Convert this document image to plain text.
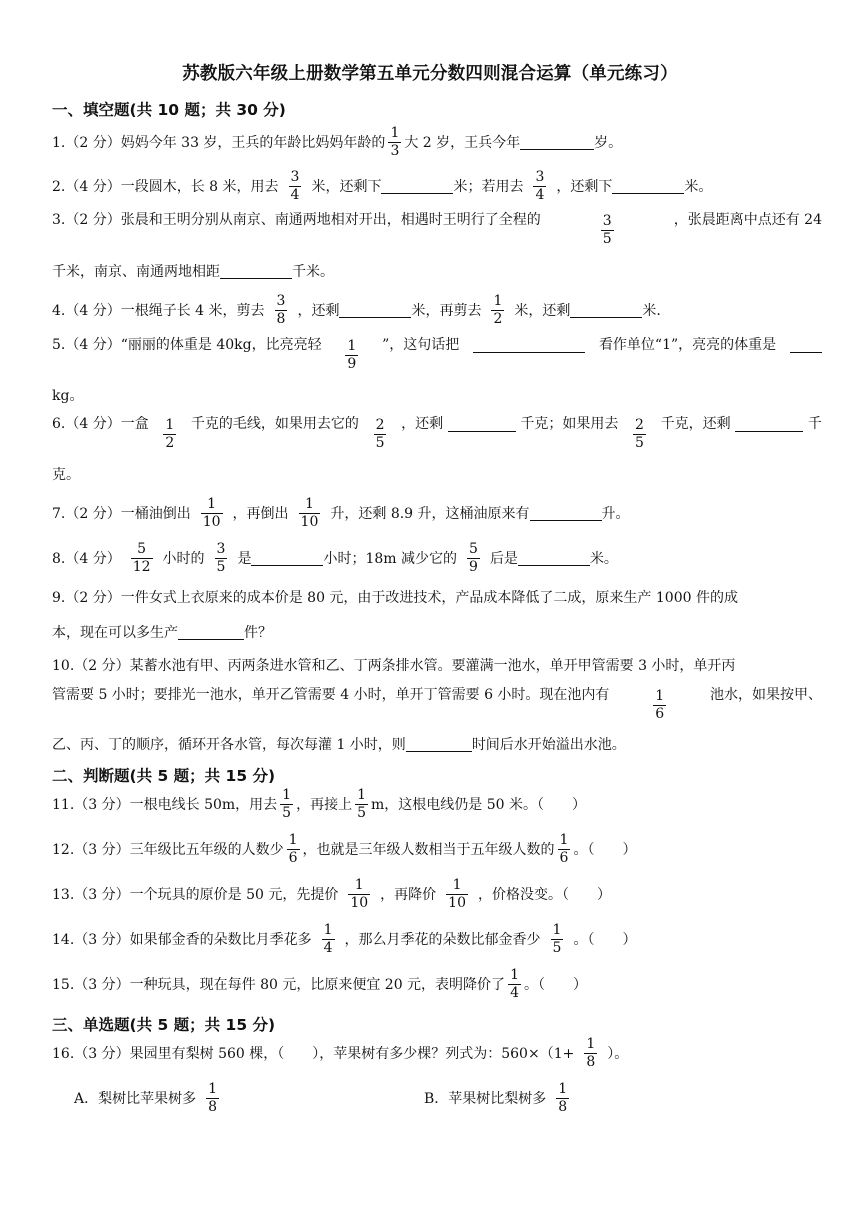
苏教版六年级上册数学第五单元分数四则混合运算（单元练习）
一、填空题(共 10 题；共 30 分)
1.（2 分）妈妈今年 33 岁，王兵的年龄比妈妈年龄的 $\frac{1}{3}$ 大 2 岁，王兵今年	岁。
2.（4 分）一段圆木，长 8 米，用去 $\frac{3}{4}$ 米，还剩下	米；若用去 $\frac{3}{4}$ ，还剩下	米。
3.（2 分）张晨和王明分别从南京、南通两地相对开出，相遇时王明行了全程的	$\frac{3}{5}$	，张晨距离中点还有 24
千米，南京、南通两地相距	千米。
4.（4 分）一根绳子长 4 米，剪去 $\frac{3}{8}$ ，还剩	米，再剪去 $\frac{1}{2}$ 米，还剩	米.
5.（4 分）“丽丽的体重是 40kg，比亮亮轻 $\frac{1}{9}$ ”，这句话把	看作单位“1”，亮亮的体重是
kg。
6.（4 分）一盒 $\frac{1}{2}$ 千克的毛线，如果用去它的 $\frac{2}{5}$ ，还剩	千克；如果用去 $\frac{2}{5}$ 千克，还剩	千
克。
7.（2 分）一桶油倒出 $\frac{1}{10}$ ，再倒出 $\frac{1}{10}$ 升，还剩 8.9 升，这桶油原来有	升。
8.（4 分） $\frac{5}{12}$ 小时的 $\frac{3}{5}$ 是	小时；18m 减少它的 $\frac{5}{9}$ 后是	米。
9.（2 分）一件女式上衣原来的成本价是 80 元，由于改进技术，产品成本降低了二成，原来生产 1000 件的成
本，现在可以多生产	件？
10.（2 分）某蓄水池有甲、丙两条进水管和乙、丁两条排水管。要灌满一池水，单开甲管需要 3 小时，单开丙
管需要 5 小时；要排光一池水，单开乙管需要 4 小时，单开丁管需要 6 小时。现在池内有	$\frac{1}{6}$	池水，如果按甲、
乙、丙、丁的顺序，循环开各水管，每次每灌 1 小时，则	时间后水开始溢出水池。
二、判断题(共 5 题；共 15 分)
11.（3 分）一根电线长 50m，用去 $\frac{1}{5}$ ，再接上 $\frac{1}{5}$ m，这根电线仍是 50 米。（　　）
12.（3 分）三年级比五年级的人数少 $\frac{1}{6}$ ，也就是三年级人数相当于五年级人数的 $\frac{1}{6}$ 。（　　）
13.（3 分）一个玩具的原价是 50 元，先提价 $\frac{1}{10}$ ，再降价 $\frac{1}{10}$ ，价格没变。（　　）
14.（3 分）如果郁金香的朵数比月季花多 $\frac{1}{4}$ ，那么月季花的朵数比郁金香少 $\frac{1}{5}$ 。（　　）
15.（3 分）一种玩具，现在每件 80 元，比原来便宜 20 元，表明降价了 $\frac{1}{4}$ 。（　　）
三、单选题(共 5 题；共 15 分)
16.（3 分）果园里有梨树 560 棵，（　　），苹果树有多少棵？列式为：$560\times(1+ \frac{1}{8}$ ）。
A．梨树比苹果树多 $\frac{1}{8}$	B．苹果树比梨树多 $\frac{1}{8}$
